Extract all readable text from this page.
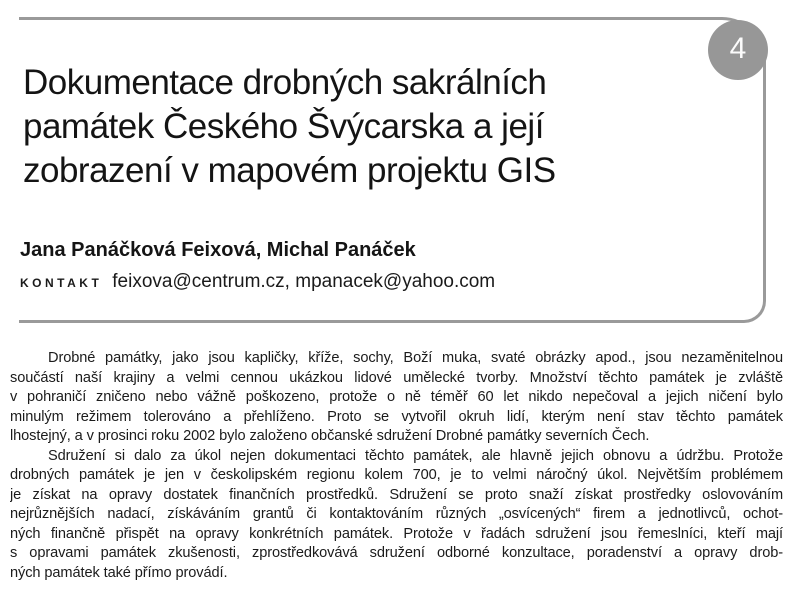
4
Dokumentace drobných sakrálních
památek Českého Švýcarska a její
zobrazení v mapovém projektu GIS
Jana Panáčková Feixová, Michal Panáček
KONTAKT feixova@centrum.cz, mpanacek@yahoo.com
Drobné památky, jako jsou kapličky, kříže, sochy, Boží muka, svaté obrázky apod., jsou nezaměnitelnou
součástí naší krajiny a velmi cennou ukázkou lidové umělecké tvorby. Množství těchto památek je zvláště
v pohraničí zničeno nebo vážně poškozeno, protože o ně téměř 60 let nikdo nepečoval a jejich ničení bylo
minulým režimem tolerováno a přehlíženo. Proto se vytvořil okruh lidí, kterým není stav těchto památek
lhostejný, a v prosinci roku 2002 bylo založeno občanské sdružení Drobné památky severních Čech.
Sdružení si dalo za úkol nejen dokumentaci těchto památek, ale hlavně jejich obnovu a údržbu. Protože
drobných památek je jen v českolipském regionu kolem 700, je to velmi náročný úkol. Největším problémem
je získat na opravy dostatek finančních prostředků. Sdružení se proto snaží získat prostředky oslovováním
nejrůznějších nadací, získáváním grantů či kontaktováním různých „osvícených“ firem a jednotlivců, ochot-
ných finančně přispět na opravy konkrétních památek. Protože v řadách sdružení jsou řemeslníci, kteří mají
s opravami památek zkušenosti, zprostředkovává sdružení odborné konzultace, poradenství a opravy drob-
ných památek také přímo provádí.
